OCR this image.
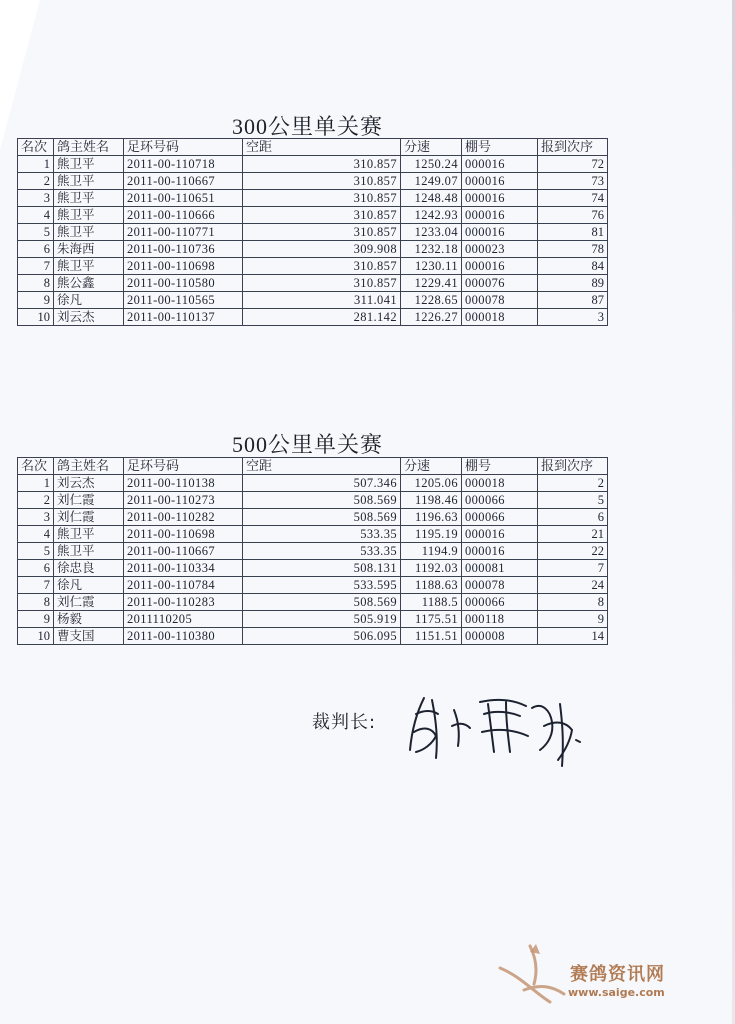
300公里单关赛
名次	鸽主姓名	足环号码	空距	分速	棚号	报到次序
1	熊卫平	2011-00-110718	310.857	1250.24	000016	72
2	熊卫平	2011-00-110667	310.857	1249.07	000016	73
3	熊卫平	2011-00-110651	310.857	1248.48	000016	74
4	熊卫平	2011-00-110666	310.857	1242.93	000016	76
5	熊卫平	2011-00-110771	310.857	1233.04	000016	81
6	朱海西	2011-00-110736	309.908	1232.18	000023	78
7	熊卫平	2011-00-110698	310.857	1230.11	000016	84
8	熊公鑫	2011-00-110580	310.857	1229.41	000076	89
9	徐凡	2011-00-110565	311.041	1228.65	000078	87
10	刘云杰	2011-00-110137	281.142	1226.27	000018	3
500公里单关赛
名次	鸽主姓名	足环号码	空距	分速	棚号	报到次序
1	刘云杰	2011-00-110138	507.346	1205.06	000018	2
2	刘仁霞	2011-00-110273	508.569	1198.46	000066	5
3	刘仁霞	2011-00-110282	508.569	1196.63	000066	6
4	熊卫平	2011-00-110698	533.35	1195.19	000016	21
5	熊卫平	2011-00-110667	533.35	1194.9	000016	22
6	徐忠良	2011-00-110334	508.131	1192.03	000081	7
7	徐凡	2011-00-110784	533.595	1188.63	000078	24
8	刘仁霞	2011-00-110283	508.569	1188.5	000066	8
9	杨毅	2011110205	505.919	1175.51	000118	9
10	曹支国	2011-00-110380	506.095	1151.51	000008	14
裁判长:
赛鸽资讯网
www.saige.com
